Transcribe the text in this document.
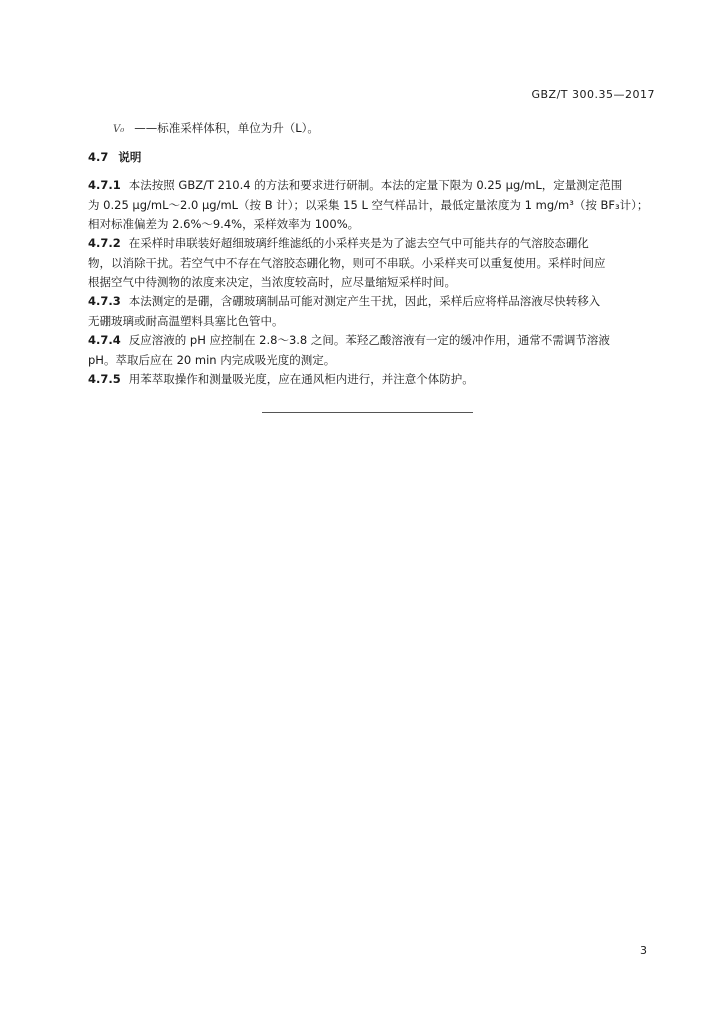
GBZ/T 300.35—2017
V₀ ——标准采样体积，单位为升（L）。
4.7 说明
4.7.1 本法按照 GBZ/T 210.4 的方法和要求进行研制。本法的定量下限为 0.25 μg/mL，定量测定范围
为 0.25 μg/mL～2.0 μg/mL（按 B 计）；以采集 15 L 空气样品计，最低定量浓度为 1 mg/m³（按 BF₃计）；
相对标准偏差为 2.6%～9.4%，采样效率为 100%。
4.7.2 在采样时串联装好超细玻璃纤维滤纸的小采样夹是为了滤去空气中可能共存的气溶胶态硼化
物，以消除干扰。若空气中不存在气溶胶态硼化物，则可不串联。小采样夹可以重复使用。采样时间应
根据空气中待测物的浓度来决定，当浓度较高时，应尽量缩短采样时间。
4.7.3 本法测定的是硼，含硼玻璃制品可能对测定产生干扰，因此，采样后应将样品溶液尽快转移入
无硼玻璃或耐高温塑料具塞比色管中。
4.7.4 反应溶液的 pH 应控制在 2.8～3.8 之间。苯羟乙酸溶液有一定的缓冲作用，通常不需调节溶液
pH。萃取后应在 20 min 内完成吸光度的测定。
4.7.5 用苯萃取操作和测量吸光度，应在通风柜内进行，并注意个体防护。
3
